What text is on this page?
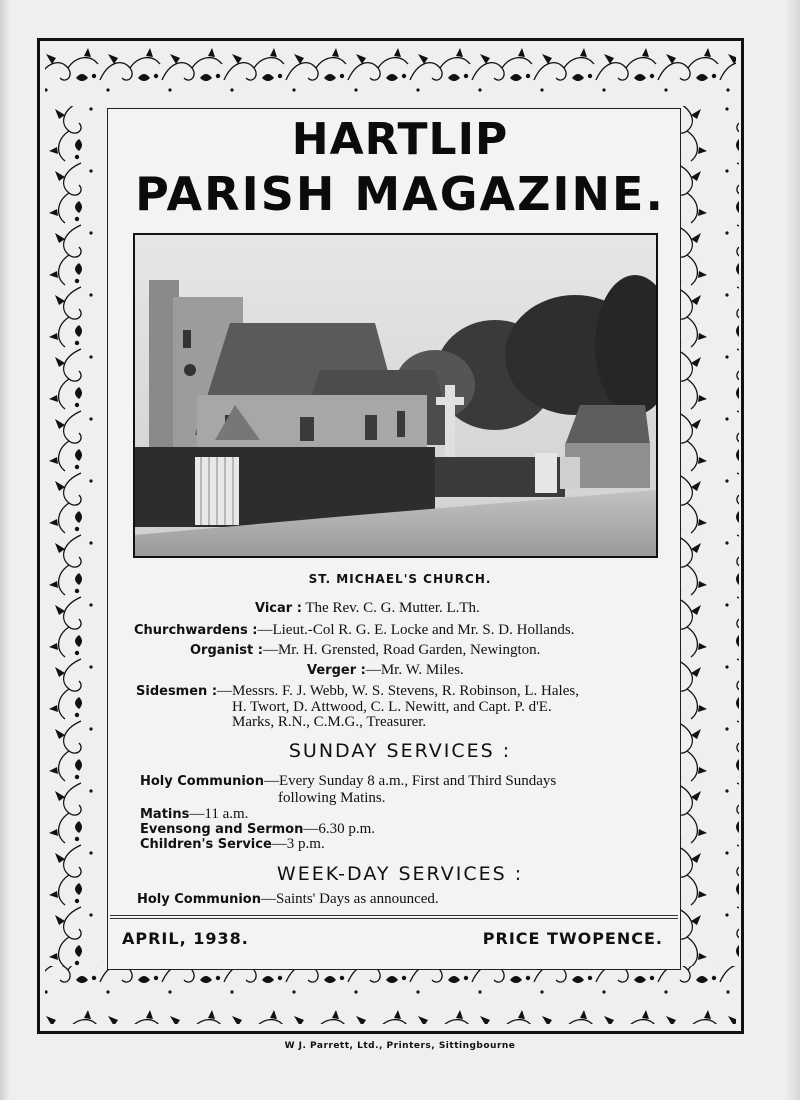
HARTLIP
PARISH MAGAZINE.
ST. MICHAEL'S CHURCH.
Vicar : The Rev. C. G. Mutter. L.Th.
Churchwardens :—Lieut.-Col R. G. E. Locke and Mr. S. D. Hollands.
Organist :—Mr. H. Grensted, Road Garden, Newington.
Verger :—Mr. W. Miles.
Sidesmen :—Messrs. F. J. Webb, W. S. Stevens, R. Robinson, L. Hales,
H. Twort, D. Attwood, C. L. Newitt, and Capt. P. d'E.
Marks, R.N., C.M.G., Treasurer.
SUNDAY SERVICES :
Holy Communion—Every Sunday 8 a.m., First and Third Sundays
following Matins.
Matins—11 a.m.
Evensong and Sermon—6.30 p.m.
Children's Service—3 p.m.
WEEK-DAY SERVICES :
Holy Communion—Saints' Days as announced.
APRIL, 1938.	PRICE TWOPENCE.
W J. Parrett, Ltd., Printers, Sittingbourne
